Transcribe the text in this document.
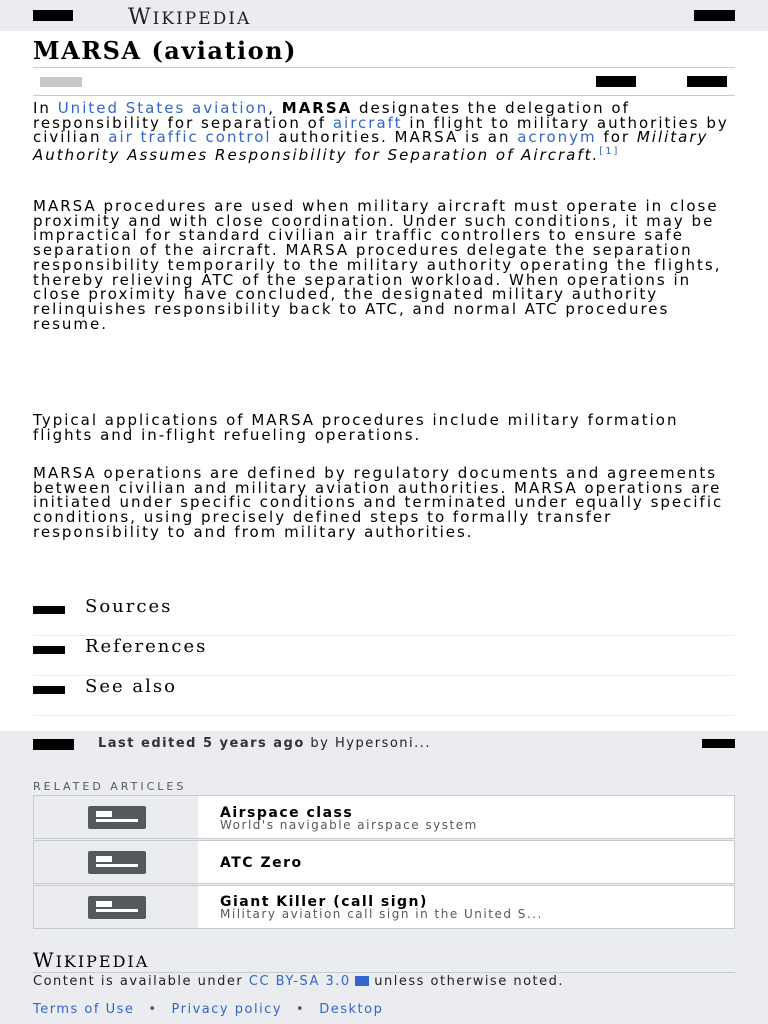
WIKIPEDIA
MARSA (aviation)

In United States aviation, MARSA designates the delegation of responsibility for separation of aircraft in flight to military authorities by civilian air traffic control authorities. MARSA is an acronym for Military Authority Assumes Responsibility for Separation of Aircraft.[1]

MARSA procedures are used when military aircraft must operate in close proximity and with close coordination. Under such conditions, it may be impractical for standard civilian air traffic controllers to ensure safe separation of the aircraft. MARSA procedures delegate the separation responsibility temporarily to the military authority operating the flights, thereby relieving ATC of the separation workload. When operations in close proximity have concluded, the designated military authority relinquishes responsibility back to ATC, and normal ATC procedures resume.

Typical applications of MARSA procedures include military formation flights and in-flight refueling operations.

MARSA operations are defined by regulatory documents and agreements between civilian and military aviation authorities. MARSA operations are initiated under specific conditions and terminated under equally specific conditions, using precisely defined steps to formally transfer responsibility to and from military authorities.

Sources
References
See also
Last edited 5 years ago by Hypersoni...
RELATED ARTICLES
Airspace class
World's navigable airspace system
ATC Zero
Giant Killer (call sign)
Military aviation call sign in the United S...
WIKIPEDIA
Content is available under CC BY-SA 3.0 unless otherwise noted.
Terms of Use • Privacy policy • Desktop
